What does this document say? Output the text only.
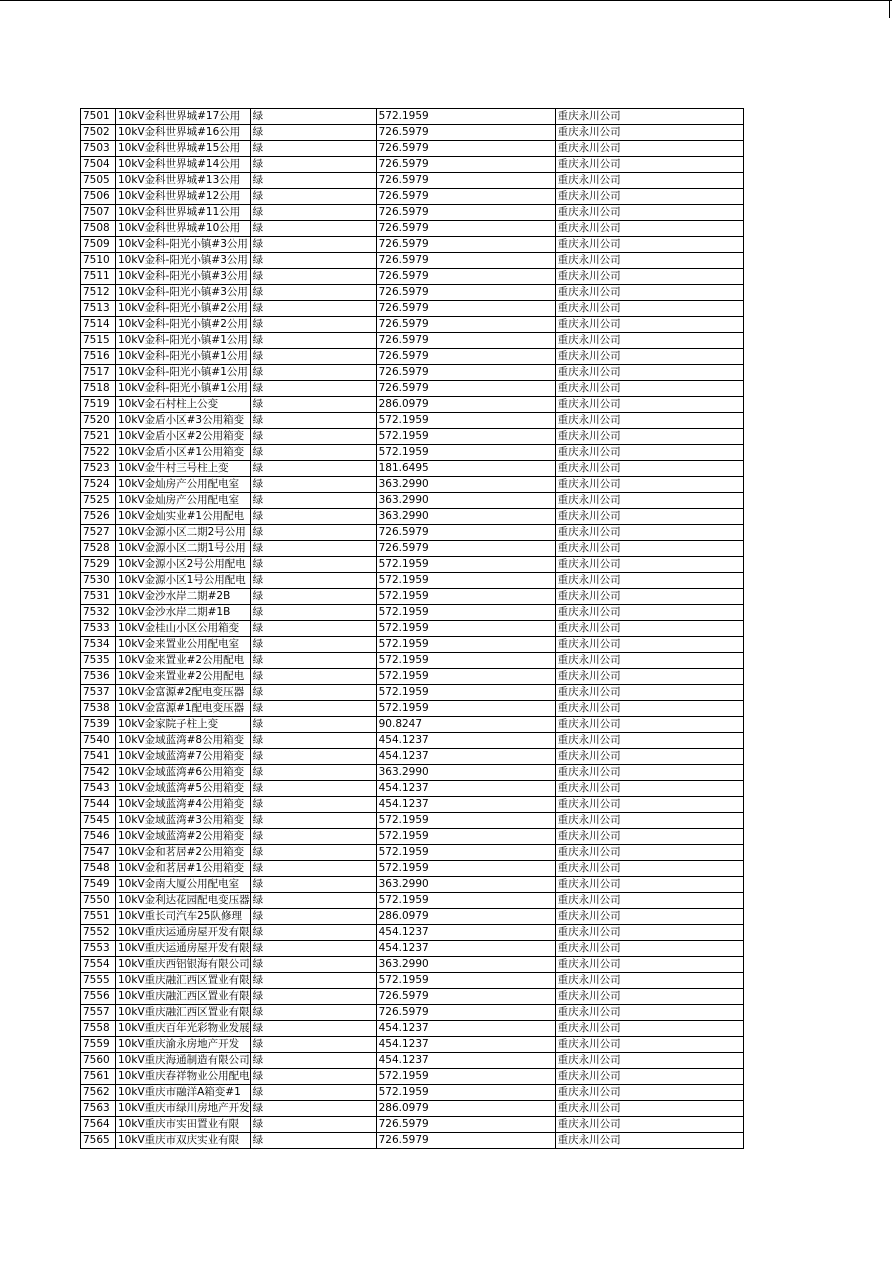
7501	10kV金科世界城#17公用	绿	572.1959	重庆永川公司
7502	10kV金科世界城#16公用	绿	726.5979	重庆永川公司
7503	10kV金科世界城#15公用	绿	726.5979	重庆永川公司
7504	10kV金科世界城#14公用	绿	726.5979	重庆永川公司
7505	10kV金科世界城#13公用	绿	726.5979	重庆永川公司
7506	10kV金科世界城#12公用	绿	726.5979	重庆永川公司
7507	10kV金科世界城#11公用	绿	726.5979	重庆永川公司
7508	10kV金科世界城#10公用	绿	726.5979	重庆永川公司
7509	10kV金科-阳光小镇#3公用	绿	726.5979	重庆永川公司
7510	10kV金科-阳光小镇#3公用	绿	726.5979	重庆永川公司
7511	10kV金科-阳光小镇#3公用	绿	726.5979	重庆永川公司
7512	10kV金科-阳光小镇#3公用	绿	726.5979	重庆永川公司
7513	10kV金科-阳光小镇#2公用	绿	726.5979	重庆永川公司
7514	10kV金科-阳光小镇#2公用	绿	726.5979	重庆永川公司
7515	10kV金科-阳光小镇#1公用	绿	726.5979	重庆永川公司
7516	10kV金科-阳光小镇#1公用	绿	726.5979	重庆永川公司
7517	10kV金科-阳光小镇#1公用	绿	726.5979	重庆永川公司
7518	10kV金科-阳光小镇#1公用	绿	726.5979	重庆永川公司
7519	10kV金石村柱上公变	绿	286.0979	重庆永川公司
7520	10kV金盾小区#3公用箱变	绿	572.1959	重庆永川公司
7521	10kV金盾小区#2公用箱变	绿	572.1959	重庆永川公司
7522	10kV金盾小区#1公用箱变	绿	572.1959	重庆永川公司
7523	10kV金牛村三号柱上变	绿	181.6495	重庆永川公司
7524	10kV金灿房产公用配电室	绿	363.2990	重庆永川公司
7525	10kV金灿房产公用配电室	绿	363.2990	重庆永川公司
7526	10kV金灿实业#1公用配电	绿	363.2990	重庆永川公司
7527	10kV金源小区二期2号公用	绿	726.5979	重庆永川公司
7528	10kV金源小区二期1号公用	绿	726.5979	重庆永川公司
7529	10kV金源小区2号公用配电	绿	572.1959	重庆永川公司
7530	10kV金源小区1号公用配电	绿	572.1959	重庆永川公司
7531	10kV金沙水岸二期#2B	绿	572.1959	重庆永川公司
7532	10kV金沙水岸二期#1B	绿	572.1959	重庆永川公司
7533	10kV金桂山小区公用箱变	绿	572.1959	重庆永川公司
7534	10kV金来置业公用配电室	绿	572.1959	重庆永川公司
7535	10kV金来置业#2公用配电	绿	572.1959	重庆永川公司
7536	10kV金来置业#2公用配电	绿	572.1959	重庆永川公司
7537	10kV金富源#2配电变压器	绿	572.1959	重庆永川公司
7538	10kV金富源#1配电变压器	绿	572.1959	重庆永川公司
7539	10kV金家院子柱上变	绿	90.8247	重庆永川公司
7540	10kV金域蓝湾#8公用箱变	绿	454.1237	重庆永川公司
7541	10kV金域蓝湾#7公用箱变	绿	454.1237	重庆永川公司
7542	10kV金域蓝湾#6公用箱变	绿	363.2990	重庆永川公司
7543	10kV金域蓝湾#5公用箱变	绿	454.1237	重庆永川公司
7544	10kV金域蓝湾#4公用箱变	绿	454.1237	重庆永川公司
7545	10kV金域蓝湾#3公用箱变	绿	572.1959	重庆永川公司
7546	10kV金域蓝湾#2公用箱变	绿	572.1959	重庆永川公司
7547	10kV金和茗居#2公用箱变	绿	572.1959	重庆永川公司
7548	10kV金和茗居#1公用箱变	绿	572.1959	重庆永川公司
7549	10kV金南大厦公用配电室	绿	363.2990	重庆永川公司
7550	10kV金利达花园配电变压器	绿	572.1959	重庆永川公司
7551	10kV重长司汽车25队修理	绿	286.0979	重庆永川公司
7552	10kV重庆运通房屋开发有限	绿	454.1237	重庆永川公司
7553	10kV重庆运通房屋开发有限	绿	454.1237	重庆永川公司
7554	10kV重庆西铝银海有限公司	绿	363.2990	重庆永川公司
7555	10kV重庆融汇西区置业有限	绿	572.1959	重庆永川公司
7556	10kV重庆融汇西区置业有限	绿	726.5979	重庆永川公司
7557	10kV重庆融汇西区置业有限	绿	726.5979	重庆永川公司
7558	10kV重庆百年光彩物业发展	绿	454.1237	重庆永川公司
7559	10kV重庆渝永房地产开发	绿	454.1237	重庆永川公司
7560	10kV重庆海通制造有限公司	绿	454.1237	重庆永川公司
7561	10kV重庆春祥物业公用配电	绿	572.1959	重庆永川公司
7562	10kV重庆市融洋A箱变#1	绿	572.1959	重庆永川公司
7563	10kV重庆市绿川房地产开发	绿	286.0979	重庆永川公司
7564	10kV重庆市实田置业有限	绿	726.5979	重庆永川公司
7565	10kV重庆市双庆实业有限	绿	726.5979	重庆永川公司
